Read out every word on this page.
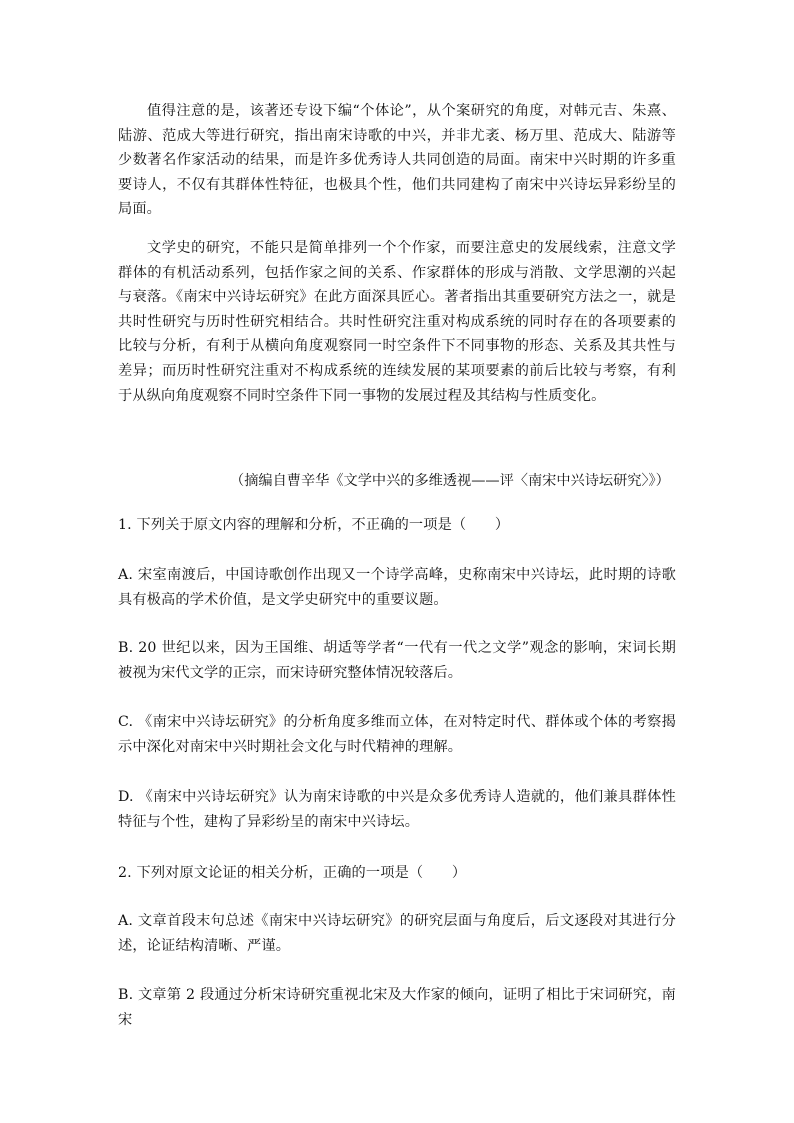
值得注意的是，该著还专设下编“个体论”，从个案研究的角度，对韩元吉、朱熹、陆游、范成大等进行研究，指出南宋诗歌的中兴，并非尤袤、杨万里、范成大、陆游等少数著名作家活动的结果，而是许多优秀诗人共同创造的局面。南宋中兴时期的许多重要诗人，不仅有其群体性特征，也极具个性，他们共同建构了南宋中兴诗坛异彩纷呈的局面。

文学史的研究，不能只是简单排列一个个作家，而要注意史的发展线索，注意文学群体的有机活动系列，包括作家之间的关系、作家群体的形成与消散、文学思潮的兴起与衰落。《南宋中兴诗坛研究》在此方面深具匠心。著者指出其重要研究方法之一，就是共时性研究与历时性研究相结合。共时性研究注重对构成系统的同时存在的各项要素的比较与分析，有利于从横向角度观察同一时空条件下不同事物的形态、关系及其共性与差异；而历时性研究注重对不构成系统的连续发展的某项要素的前后比较与考察，有利于从纵向角度观察不同时空条件下同一事物的发展过程及其结构与性质变化。

（摘编自曹辛华《文学中兴的多维透视——评〈南宋中兴诗坛研究〉》）

1. 下列关于原文内容的理解和分析，不正确的一项是（　　）

A. 宋室南渡后，中国诗歌创作出现又一个诗学高峰，史称南宋中兴诗坛，此时期的诗歌具有极高的学术价值，是文学史研究中的重要议题。

B. 20 世纪以来，因为王国维、胡适等学者“一代有一代之文学”观念的影响，宋词长期被视为宋代文学的正宗，而宋诗研究整体情况较落后。

C. 《南宋中兴诗坛研究》的分析角度多维而立体，在对特定时代、群体或个体的考察揭示中深化对南宋中兴时期社会文化与时代精神的理解。

D. 《南宋中兴诗坛研究》认为南宋诗歌的中兴是众多优秀诗人造就的，他们兼具群体性特征与个性，建构了异彩纷呈的南宋中兴诗坛。

2. 下列对原文论证的相关分析，正确的一项是（　　）

A. 文章首段末句总述《南宋中兴诗坛研究》的研究层面与角度后，后文逐段对其进行分述，论证结构清晰、严谨。

B. 文章第 2 段通过分析宋诗研究重视北宋及大作家的倾向，证明了相比于宋词研究，南宋
